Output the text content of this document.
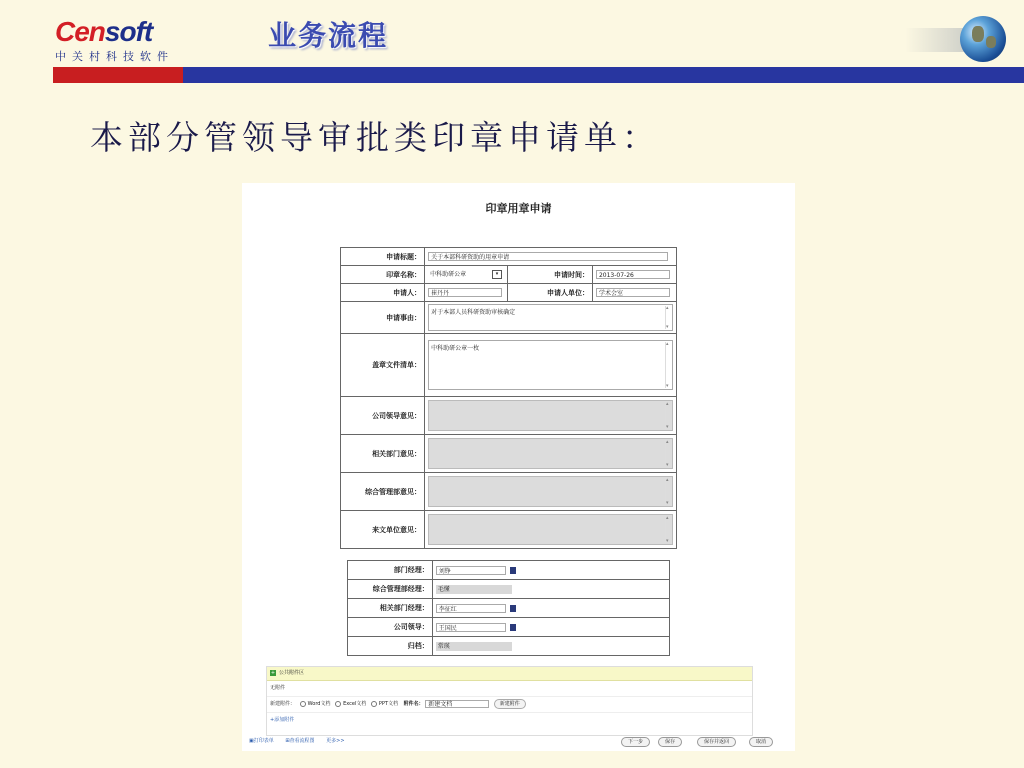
Censoft
中关村科技软件
业务流程
本部分管领导审批类印章申请单：
印章用章申请
申请标题：	关于本部科研资助的用章申请		
印章名称：	中科助研公章 ▾	申请时间：	2013-07-26
申请人：	崔丹丹	申请人单位：	学术会室
申请事由：	对于本部人员科研资助审核确定
▴ ▾

盖章文件清单：	中科助研公章一枚
▴ ▾

公司领导意见：	
▴ ▾

相关部门意见：	
▴ ▾

综合管理部意见：	
▴ ▾

来文单位意见：	
▴ ▾
部门经理：	刘铮
综合管理部经理：	毛懂
相关部门经理：	李征红
公司领导：	王国民
归档：	常瑛
+ 公共附件区
无附件
新建附件：	Word文档	Excel文档	PPT文档 附件名： 新建文档	新建附件
+添加附件
▣打印表单 ⊞查看流程图 更多>>	下一步	保存	保存并返回	取消
